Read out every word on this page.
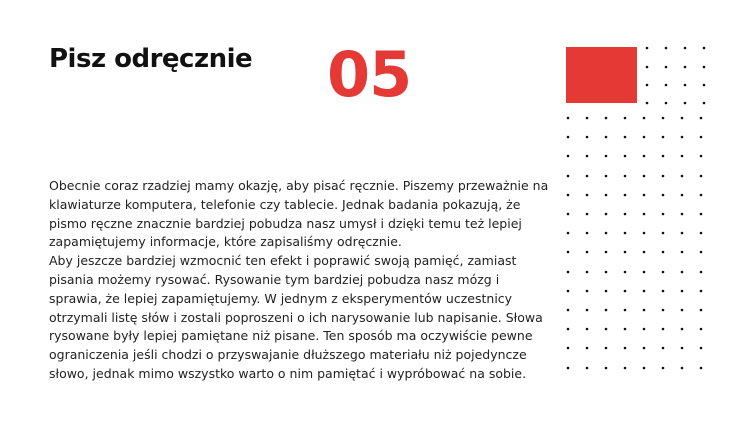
Pisz odręcznie 05

Obecnie coraz rzadziej mamy okazję, aby pisać ręcznie. Piszemy przeważnie na klawiaturze komputera, telefonie czy tablecie. Jednak badania pokazują, że pismo ręczne znacznie bardziej pobudza nasz umysł i dzięki temu też lepiej zapamiętujemy informacje, które zapisaliśmy odręcznie.

Aby jeszcze bardziej wzmocnić ten efekt i poprawić swoją pamięć, zamiast pisania możemy rysować. Rysowanie tym bardziej pobudza nasz mózg i sprawia, że lepiej zapamiętujemy. W jednym z eksperymentów uczestnicy otrzymali listę słów i zostali poproszeni o ich narysowanie lub napisanie. Słowa rysowane były lepiej pamiętane niż pisane. Ten sposób ma oczywiście pewne ograniczenia jeśli chodzi o przyswajanie dłuższego materiału niż pojedyncze słowo, jednak mimo wszystko warto o nim pamiętać i wypróbować na sobie.
